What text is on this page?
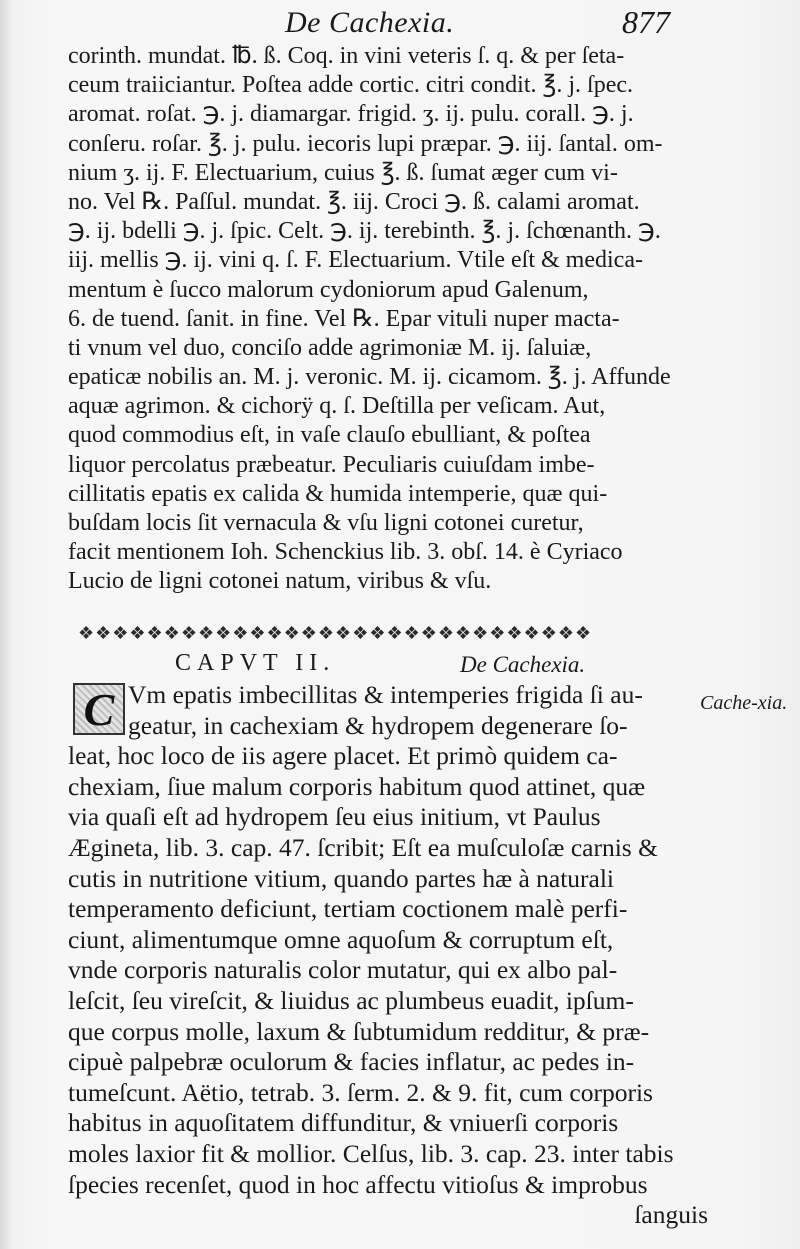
De Cachexia.	877
corinth. mundat. ℔. ß. Coq. in vini veteris ſ. q. & per ſeta-
ceum traiiciantur. Poſtea adde cortic. citri condit. ℥. j. ſpec.
aromat. roſat. ℈. j. diamargar. frigid. ʒ. ij. pulu. corall. ℈. j.
conſeru. roſar. ℥. j. pulu. iecoris lupi præpar. ℈. iij. ſantal. om-
nium ʒ. ij. F. Electuarium, cuius ℥. ß. ſumat æger cum vi-
no. Vel ℞. Paſſul. mundat. ℥. iij. Croci ℈. ß. calami aromat.
℈. ij. bdelli ℈. j. ſpic. Celt. ℈. ij. terebinth. ℥. j. ſchœnanth. ℈.
iij. mellis ℈. ij. vini q. ſ. F. Electuarium. Vtile eſt & medica-
mentum è ſucco malorum cydoniorum apud Galenum,
6. de tuend. ſanit. in fine. Vel ℞. Epar vituli nuper macta-
ti vnum vel duo, conciſo adde agrimoniæ M. ij. ſaluiæ,
epaticæ nobilis an. M. j. veronic. M. ij. cicamom. ℥. j. Affunde
aquæ agrimon. & cichorÿ q. ſ. Deſtilla per veſicam. Aut,
quod commodius eſt, in vaſe clauſo ebulliant, & poſtea
liquor percolatus præbeatur. Peculiaris cuiuſdam imbe-
cillitatis epatis ex calida & humida intemperie, quæ qui-
buſdam locis ſit vernacula & vſu ligni cotonei curetur,
facit mentionem Ioh. Schenckius lib. 3. obſ. 14. è Cyriaco
Lucio de ligni cotonei natum, viribus & vſu.
❖❖❖❖❖❖❖❖❖❖❖❖❖❖❖❖❖❖❖❖❖❖❖❖❖❖❖❖❖❖
CAPVT II.	De Cachexia.
C	Cache-xia.
Vm epatis imbecillitas & intemperies frigida ſi au-
geatur, in cachexiam & hydropem degenerare ſo-
leat, hoc loco de iis agere placet. Et primò quidem ca-
chexiam, ſiue malum corporis habitum quod attinet, quæ
via quaſi eſt ad hydropem ſeu eius initium, vt Paulus
Ægineta, lib. 3. cap. 47. ſcribit; Eſt ea muſculoſæ carnis &
cutis in nutritione vitium, quando partes hæ à naturali
temperamento deficiunt, tertiam coctionem malè perfi-
ciunt, alimentumque omne aquoſum & corruptum eſt,
vnde corporis naturalis color mutatur, qui ex albo pal-
leſcit, ſeu vireſcit, & liuidus ac plumbeus euadit, ipſum-
que corpus molle, laxum & ſubtumidum redditur, & præ-
cipuè palpebræ oculorum & facies inflatur, ac pedes in-
tumeſcunt. Aëtio, tetrab. 3. ſerm. 2. & 9. fit, cum corporis
habitus in aquoſitatem diffunditur, & vniuerſi corporis
moles laxior fit & mollior. Celſus, lib. 3. cap. 23. inter tabis
ſpecies recenſet, quod in hoc affectu vitioſus & improbus
ſanguis
